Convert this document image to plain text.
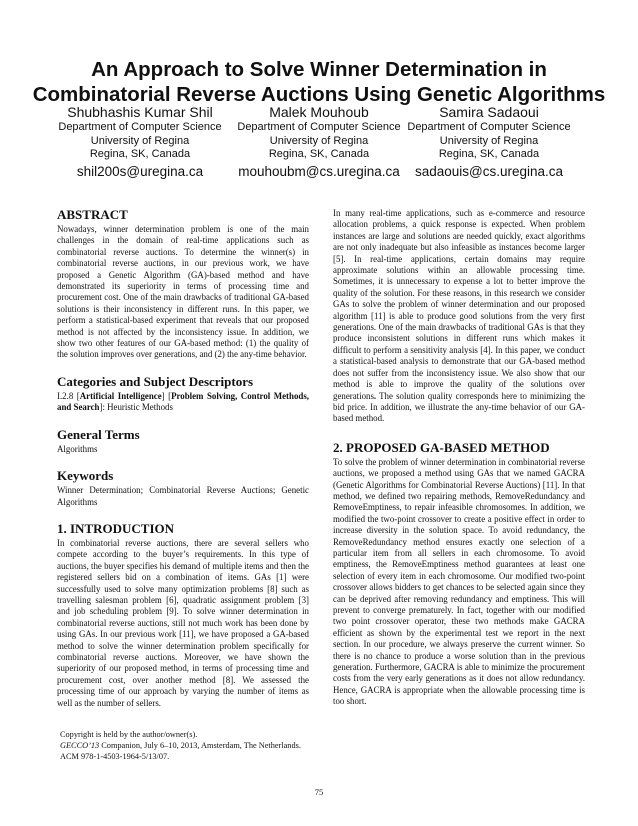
An Approach to Solve Winner Determination in
Combinatorial Reverse Auctions Using Genetic Algorithms
Shubhashis Kumar Shil
Department of Computer Science
University of Regina
Regina, SK, Canada
shil200s@uregina.ca
Malek Mouhoub
Department of Computer Science
University of Regina
Regina, SK, Canada
mouhoubm@cs.uregina.ca
Samira Sadaoui
Department of Computer Science
University of Regina
Regina, SK, Canada
sadaouis@cs.uregina.ca
ABSTRACT

Nowadays, winner determination problem is one of the main challenges in the domain of real-time applications such as combinatorial reverse auctions. To determine the winner(s) in combinatorial reverse auctions, in our previous work, we have proposed a Genetic Algorithm (GA)-based method and have demonstrated its superiority in terms of processing time and procurement cost. One of the main drawbacks of traditional GA-based solutions is their inconsistency in different runs. In this paper, we perform a statistical-based experiment that reveals that our proposed method is not affected by the inconsistency issue. In addition, we show two other features of our GA-based method: (1) the quality of the solution improves over generations, and (2) the any-time behavior.

Categories and Subject Descriptors

I.2.8 [Artificial Intelligence] [Problem Solving, Control Methods, and Search]: Heuristic Methods

General Terms

Algorithms

Keywords

Winner Determination; Combinatorial Reverse Auctions; Genetic Algorithms

1. INTRODUCTION

In combinatorial reverse auctions, there are several sellers who compete according to the buyer’s requirements. In this type of auctions, the buyer specifies his demand of multiple items and then the registered sellers bid on a combination of items. GAs [1] were successfully used to solve many optimization problems [8] such as travelling salesman problem [6], quadratic assignment problem [3] and job scheduling problem [9]. To solve winner determination in combinatorial reverse auctions, still not much work has been done by using GAs. In our previous work [11], we have proposed a GA-based method to solve the winner determination problem specifically for combinatorial reverse auctions. Moreover, we have shown the superiority of our proposed method, in terms of processing time and procurement cost, over another method [8]. We assessed the processing time of our approach by varying the number of items as well as the number of sellers.

In many real-time applications, such as e-commerce and resource allocation problems, a quick response is expected. When problem instances are large and solutions are needed quickly, exact algorithms are not only inadequate but also infeasible as instances become larger [5]. In real-time applications, certain domains may require approximate solutions within an allowable processing time. Sometimes, it is unnecessary to expense a lot to better improve the quality of the solution. For these reasons, in this research we consider GAs to solve the problem of winner determination and our proposed algorithm [11] is able to produce good solutions from the very first generations. One of the main drawbacks of traditional GAs is that they produce inconsistent solutions in different runs which makes it difficult to perform a sensitivity analysis [4]. In this paper, we conduct a statistical-based analysis to demonstrate that our GA-based method does not suffer from the inconsistency issue. We also show that our method is able to improve the quality of the solutions over generations. The solution quality corresponds here to minimizing the bid price. In addition, we illustrate the any-time behavior of our GA-based method.

2. PROPOSED GA-BASED METHOD

To solve the problem of winner determination in combinatorial reverse auctions, we proposed a method using GAs that we named GACRA (Genetic Algorithms for Combinatorial Reverse Auctions) [11]. In that method, we defined two repairing methods, RemoveRedundancy and RemoveEmptiness, to repair infeasible chromosomes. In addition, we modified the two-point crossover to create a positive effect in order to increase diversity in the solution space. To avoid redundancy, the RemoveRedundancy method ensures exactly one selection of a particular item from all sellers in each chromosome. To avoid emptiness, the RemoveEmptiness method guarantees at least one selection of every item in each chromosome. Our modified two-point crossover allows bidders to get chances to be selected again since they can be deprived after removing redundancy and emptiness. This will prevent to converge prematurely. In fact, together with our modified two point crossover operator, these two methods make GACRA efficient as shown by the experimental test we report in the next section. In our procedure, we always preserve the current winner. So there is no chance to produce a worse solution than in the previous generation. Furthermore, GACRA is able to minimize the procurement costs from the very early generations as it does not allow redundancy. Hence, GACRA is appropriate when the allowable processing time is too short.

Copyright is held by the author/owner(s).
GECCO’13 Companion, July 6–10, 2013, Amsterdam, The Netherlands.
ACM 978-1-4503-1964-5/13/07.
75
